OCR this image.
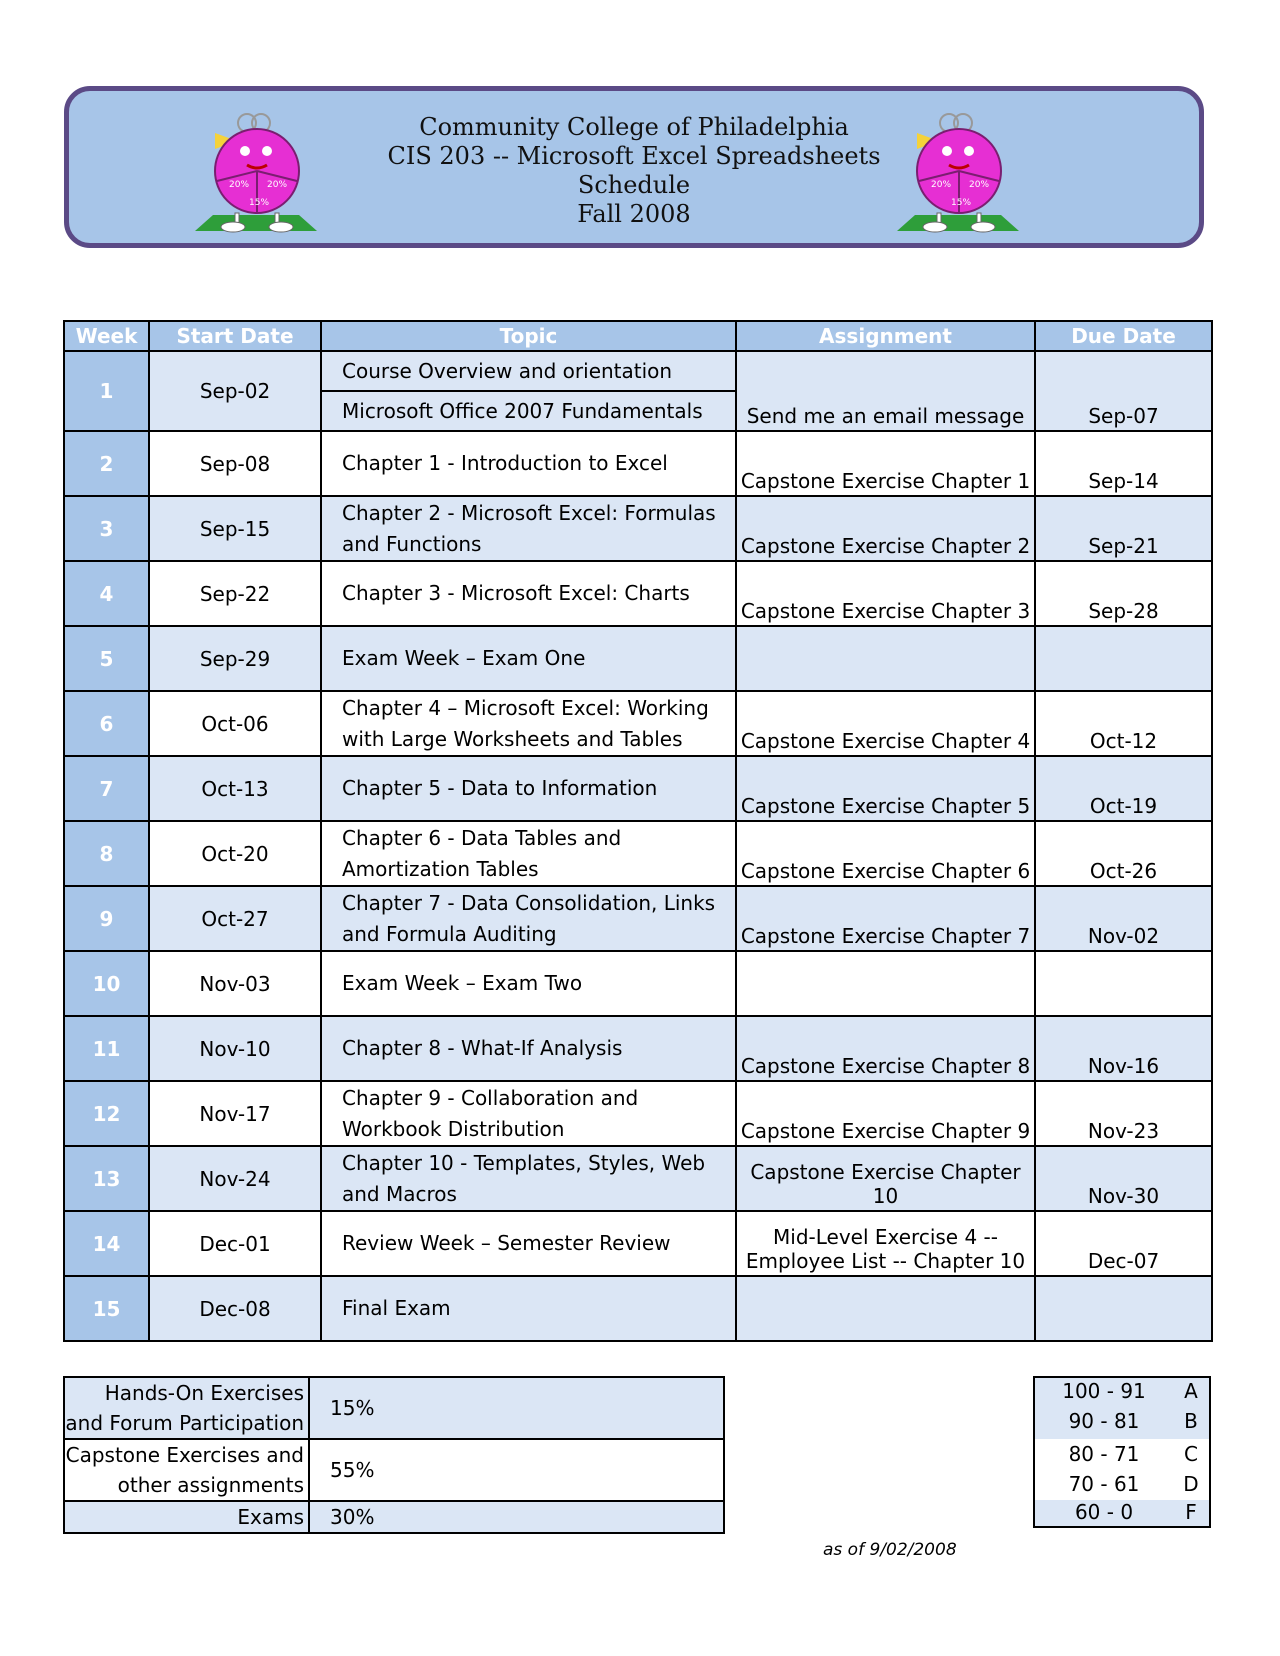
20% 20%
15%
Community College of Philadelphia
CIS 203 -- Microsoft Excel Spreadsheets
Schedule
Fall 2008
20% 20%
15%
Week	Start Date	Topic	Assignment	Due Date
1	Sep-02	Course Overview and orientation	Send me an email message	Sep-07
		Microsoft Office 2007 Fundamentals		
2	Sep-08	Chapter 1 - Introduction to Excel	Capstone Exercise Chapter 1	Sep-14
3	Sep-15	Chapter 2 - Microsoft Excel: Formulas and Functions	Capstone Exercise Chapter 2	Sep-21
4	Sep-22	Chapter 3 - Microsoft Excel: Charts	Capstone Exercise Chapter 3	Sep-28
5	Sep-29	Exam Week – Exam One		
6	Oct-06	Chapter 4 – Microsoft Excel: Working with Large Worksheets and Tables	Capstone Exercise Chapter 4	Oct-12
7	Oct-13	Chapter 5 - Data to Information	Capstone Exercise Chapter 5	Oct-19
8	Oct-20	Chapter 6 - Data Tables and Amortization Tables	Capstone Exercise Chapter 6	Oct-26
9	Oct-27	Chapter 7 - Data Consolidation, Links and Formula Auditing	Capstone Exercise Chapter 7	Nov-02
10	Nov-03	Exam Week – Exam Two		
11	Nov-10	Chapter 8 - What‑If Analysis	Capstone Exercise Chapter 8	Nov-16
12	Nov-17	Chapter 9 - Collaboration and Workbook Distribution	Capstone Exercise Chapter 9	Nov-23
13	Nov-24	Chapter 10 - Templates, Styles, Web and Macros	Capstone Exercise Chapter 10	Nov-30
14	Dec-01	Review Week – Semester Review	Mid-Level Exercise 4 -- Employee List -- Chapter 10	Dec-07
15	Dec-08	Final Exam		
Hands-On Exercises and Forum Participation	15%
Capstone Exercises and other assignments	55%
Exams	30%
100 - 91	A
90 - 81	B
80 - 71	C
70 - 61	D
60 - 0	F
as of 9/02/2008
